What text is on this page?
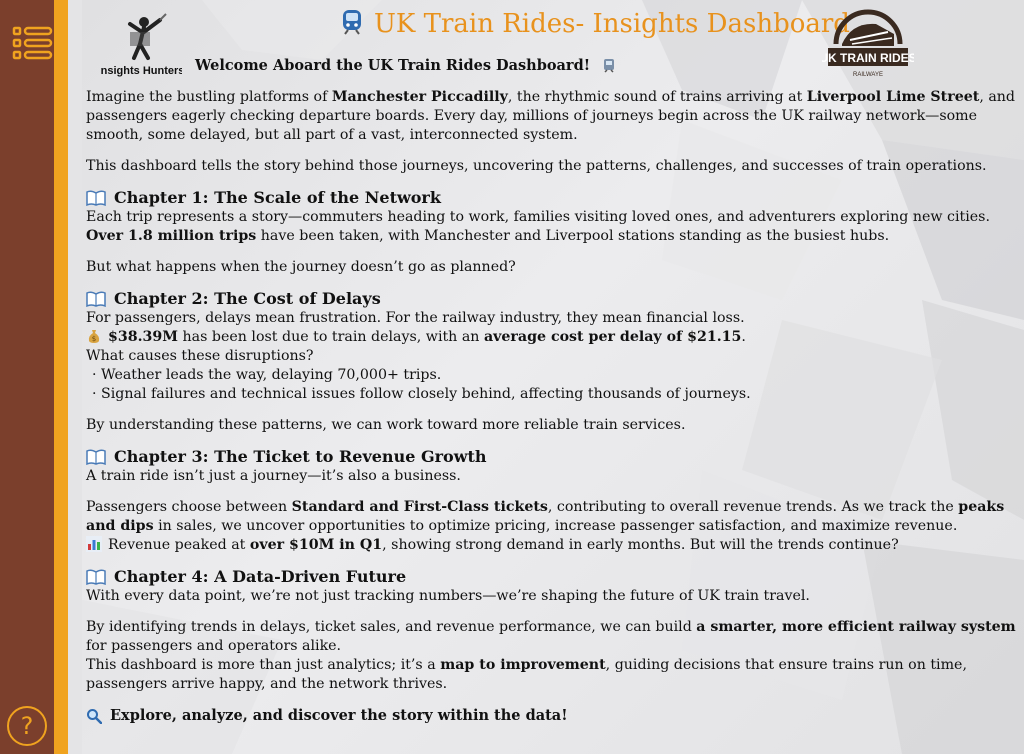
?
Insights Hunters
UK Train Rides- Insights Dashboard
UK TRAIN RIDES
RAILWAYE
Welcome Aboard the UK Train Rides Dashboard!

Imagine the bustling platforms of Manchester Piccadilly, the rhythmic sound of trains arriving at Liverpool Lime Street, and passengers eagerly checking departure boards. Every day, millions of journeys begin across the UK railway network—some smooth, some delayed, but all part of a vast, interconnected system.

This dashboard tells the story behind those journeys, uncovering the patterns, challenges, and successes of train operations.

Chapter 1: The Scale of the Network

Each trip represents a story—commuters heading to work, families visiting loved ones, and adventurers exploring new cities. Over 1.8 million trips have been taken, with Manchester and Liverpool stations standing as the busiest hubs.

But what happens when the journey doesn’t go as planned?

Chapter 2: The Cost of Delays

For passengers, delays mean frustration. For the railway industry, they mean financial loss.

$ $38.39M has been lost due to train delays, with an average cost per delay of $21.15.

What causes these disruptions?

· Weather leads the way, delaying 70,000+ trips.

· Signal failures and technical issues follow closely behind, affecting thousands of journeys.

By understanding these patterns, we can work toward more reliable train services.

Chapter 3: The Ticket to Revenue Growth

A train ride isn’t just a journey—it’s also a business.

Passengers choose between Standard and First-Class tickets, contributing to overall revenue trends. As we track the peaks and dips in sales, we uncover opportunities to optimize pricing, increase passenger satisfaction, and maximize revenue.

Revenue peaked at over $10M in Q1, showing strong demand in early months. But will the trends continue?

Chapter 4: A Data-Driven Future

With every data point, we’re not just tracking numbers—we’re shaping the future of UK train travel.

By identifying trends in delays, ticket sales, and revenue performance, we can build a smarter, more efficient railway system for passengers and operators alike.

This dashboard is more than just analytics; it’s a map to improvement, guiding decisions that ensure trains run on time, passengers arrive happy, and the network thrives.

Explore, analyze, and discover the story within the data!
